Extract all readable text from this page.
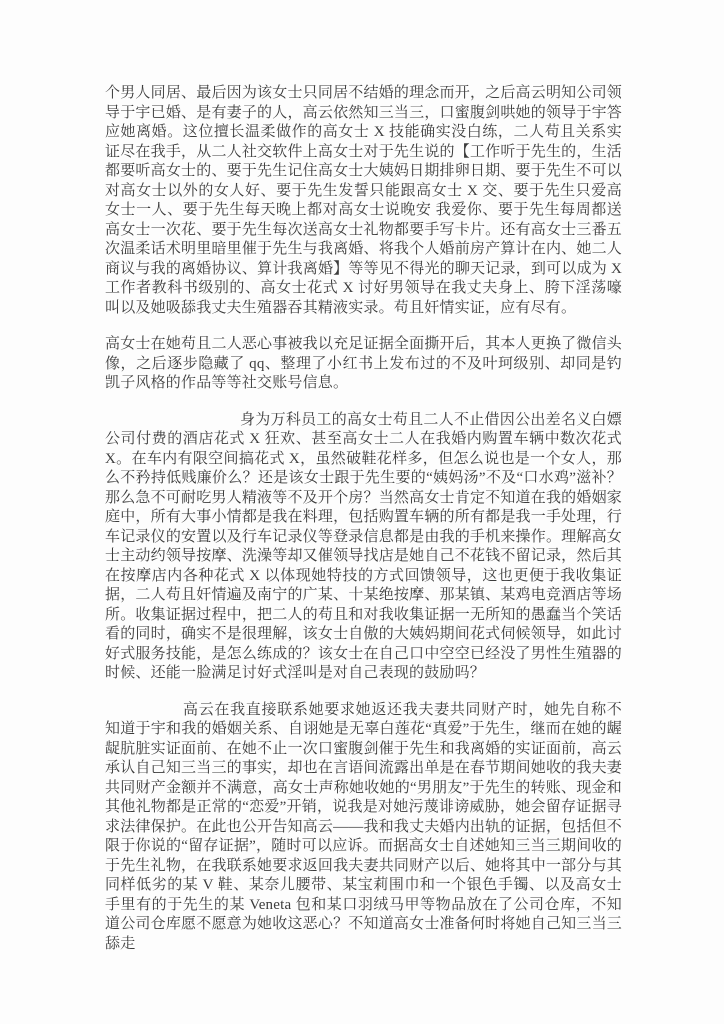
个男人同居、最后因为该女士只同居不结婚的理念而开，之后高云明知公司领导于宇已婚、是有妻子的人，高云依然知三当三，口蜜腹剑哄她的领导于宇答应她离婚。这位擅长温柔做作的高女士 X 技能确实没白练，二人苟且关系实证尽在我手，从二人社交软件上高女士对于先生说的【工作听于先生的，生活都要听高女士的、要于先生记住高女士大姨妈日期排卵日期、要于先生不可以对高女士以外的女人好、要于先生发誓只能跟高女士 X 交、要于先生只爱高女士一人、要于先生每天晚上都对高女士说晚安 我爱你、要于先生每周都送高女士一次花、要于先生每次送高女士礼物都要手写卡片。还有高女士三番五次温柔话术明里暗里催于先生与我离婚、将我个人婚前房产算计在内、她二人商议与我的离婚协议、算计我离婚】等等见不得光的聊天记录，到可以成为 X 工作者教科书级别的、高女士花式 X 讨好男领导在我丈夫身上、胯下淫荡嚎叫以及她吸舔我丈夫生殖器吞其精液实录。苟且奸情实证，应有尽有。

高女士在她苟且二人恶心事被我以充足证据全面撕开后，其本人更换了微信头像，之后逐步隐藏了 qq、整理了小红书上发布过的不及叶珂级别、却同是钓凯子风格的作品等等社交账号信息。

身为万科员工的高女士苟且二人不止借因公出差名义白嫖公司付费的酒店花式 X 狂欢、甚至高女士二人在我婚内购置车辆中数次花式 X。在车内有限空间搞花式 X，虽然破鞋花样多，但怎么说也是一个女人，那么不矜持低贱廉价么？还是该女士跟于先生要的“姨妈汤”不及“口水鸡”滋补？那么急不可耐吃男人精液等不及开个房？当然高女士肯定不知道在我的婚姻家庭中，所有大事小情都是我在料理，包括购置车辆的所有都是我一手处理，行车记录仪的安置以及行车记录仪等登录信息都是由我的手机来操作。理解高女士主动约领导按摩、洗澡等却又催领导找店是她自己不花钱不留记录，然后其在按摩店内各种花式 X 以体现她特技的方式回馈领导，这也更便于我收集证据，二人苟且奸情遍及南宁的广某、十某绝按摩、那某镇、某鸡电竞酒店等场所。收集证据过程中，把二人的苟且和对我收集证据一无所知的愚蠢当个笑话看的同时，确实不是很理解，该女士自傲的大姨妈期间花式伺候领导，如此讨好式服务技能，是怎么练成的？该女士在自己口中空空已经没了男性生殖器的时候、还能一脸满足讨好式淫叫是对自己表现的鼓励吗？

高云在我直接联系她要求她返还我夫妻共同财产时，她先自称不知道于宇和我的婚姻关系、自诩她是无辜白莲花“真爱”于先生，继而在她的龌龊肮脏实证面前、在她不止一次口蜜腹剑催于先生和我离婚的实证面前，高云承认自己知三当三的事实，却也在言语间流露出单是在春节期间她收的我夫妻共同财产金额并不满意，高女士声称她收她的“男朋友”于先生的转账、现金和其他礼物都是正常的“恋爱”开销，说我是对她污蔑诽谤威胁，她会留存证据寻求法律保护。在此也公开告知高云——我和我丈夫婚内出轨的证据，包括但不限于你说的“留存证据”，随时可以应诉。而据高女士自述她知三当三期间收的于先生礼物，在我联系她要求返回我夫妻共同财产以后、她将其中一部分与其同样低劣的某 V 鞋、某奈儿腰带、某宝莉围巾和一个银色手镯、以及高女士手里有的于先生的某 Veneta 包和某口羽绒马甲等物品放在了公司仓库，不知道公司仓库愿不愿意为她收这恶心？不知道高女士准备何时将她自己知三当三舔走
